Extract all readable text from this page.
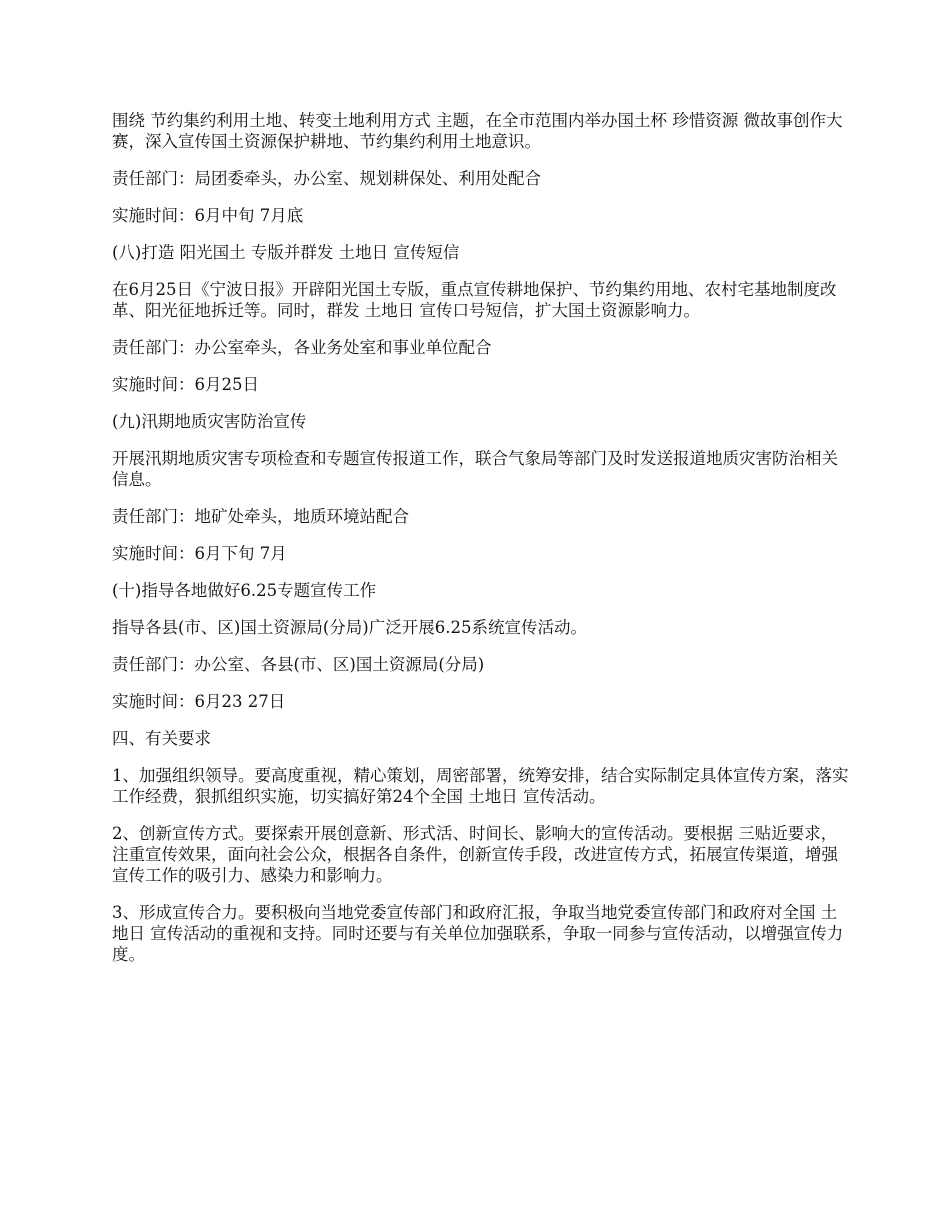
围绕 节约集约利用土地、转变土地利用方式 主题，在全市范围内举办国土杯 珍惜资源 微故事创作大赛，深入宣传国土资源保护耕地、节约集约利用土地意识。

责任部门：局团委牵头，办公室、规划耕保处、利用处配合

实施时间：6月中旬 7月底

(八)打造 阳光国土 专版并群发 土地日 宣传短信

在6月25日《宁波日报》开辟阳光国土专版，重点宣传耕地保护、节约集约用地、农村宅基地制度改革、阳光征地拆迁等。同时，群发 土地日 宣传口号短信，扩大国土资源影响力。

责任部门：办公室牵头，各业务处室和事业单位配合

实施时间：6月25日

(九)汛期地质灾害防治宣传

开展汛期地质灾害专项检查和专题宣传报道工作，联合气象局等部门及时发送报道地质灾害防治相关信息。

责任部门：地矿处牵头，地质环境站配合

实施时间：6月下旬 7月

(十)指导各地做好6.25专题宣传工作

指导各县(市、区)国土资源局(分局)广泛开展6.25系统宣传活动。

责任部门：办公室、各县(市、区)国土资源局(分局)

实施时间：6月23 27日

四、有关要求

1、加强组织领导。要高度重视，精心策划，周密部署，统筹安排，结合实际制定具体宣传方案，落实工作经费，狠抓组织实施，切实搞好第24个全国 土地日 宣传活动。

2、创新宣传方式。要探索开展创意新、形式活、时间长、影响大的宣传活动。要根据 三贴近要求，注重宣传效果，面向社会公众，根据各自条件，创新宣传手段，改进宣传方式，拓展宣传渠道，增强宣传工作的吸引力、感染力和影响力。

3、形成宣传合力。要积极向当地党委宣传部门和政府汇报，争取当地党委宣传部门和政府对全国 土地日 宣传活动的重视和支持。同时还要与有关单位加强联系，争取一同参与宣传活动，以增强宣传力度。
